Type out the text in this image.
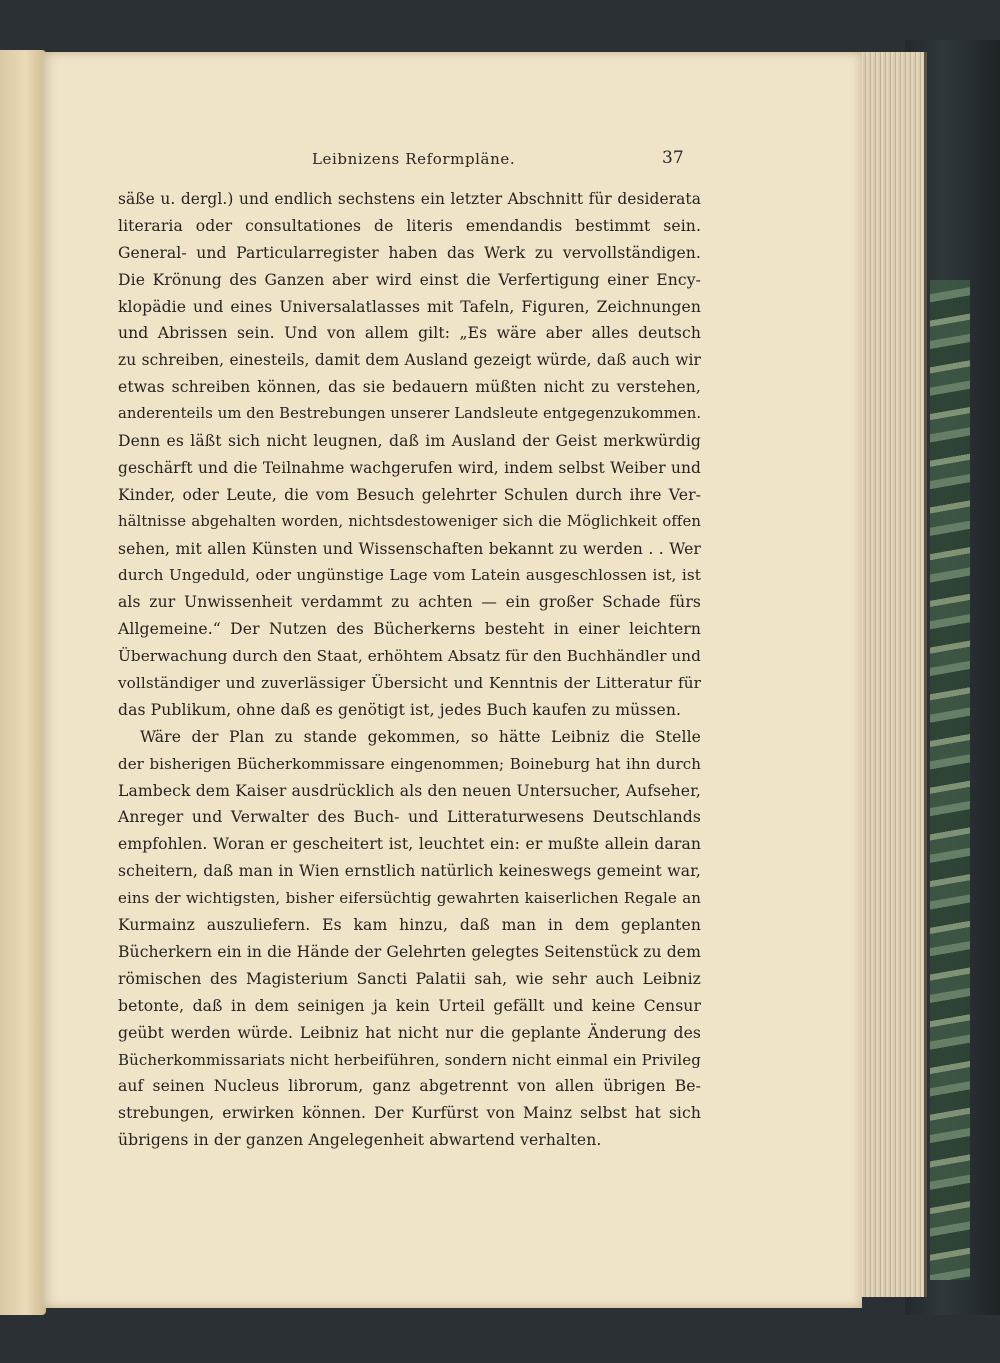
Leibnizens Reformpläne.	37
säße u. dergl.) und endlich sechstens ein letzter Abschnitt für desiderata
literaria oder consultationes de literis emendandis bestimmt sein.
General- und Particularregister haben das Werk zu vervollständigen.
Die Krönung des Ganzen aber wird einst die Verfertigung einer Ency-
klopädie und eines Universalatlasses mit Tafeln, Figuren, Zeichnungen
und Abrissen sein. Und von allem gilt: „Es wäre aber alles deutsch
zu schreiben, einesteils, damit dem Ausland gezeigt würde, daß auch wir
etwas schreiben können, das sie bedauern müßten nicht zu verstehen,
anderenteils um den Bestrebungen unserer Landsleute entgegenzukommen.
Denn es läßt sich nicht leugnen, daß im Ausland der Geist merkwürdig
geschärft und die Teilnahme wachgerufen wird, indem selbst Weiber und
Kinder, oder Leute, die vom Besuch gelehrter Schulen durch ihre Ver-
hältnisse abgehalten worden, nichtsdestoweniger sich die Möglichkeit offen
sehen, mit allen Künsten und Wissenschaften bekannt zu werden . . Wer
durch Ungeduld, oder ungünstige Lage vom Latein ausgeschlossen ist, ist
als zur Unwissenheit verdammt zu achten — ein großer Schade fürs
Allgemeine.“ Der Nutzen des Bücherkerns besteht in einer leichtern
Überwachung durch den Staat, erhöhtem Absatz für den Buchhändler und
vollständiger und zuverlässiger Übersicht und Kenntnis der Litteratur für
das Publikum, ohne daß es genötigt ist, jedes Buch kaufen zu müssen.
Wäre der Plan zu stande gekommen, so hätte Leibniz die Stelle
der bisherigen Bücherkommissare eingenommen; Boineburg hat ihn durch
Lambeck dem Kaiser ausdrücklich als den neuen Untersucher, Aufseher,
Anreger und Verwalter des Buch- und Litteraturwesens Deutschlands
empfohlen. Woran er gescheitert ist, leuchtet ein: er mußte allein daran
scheitern, daß man in Wien ernstlich natürlich keineswegs gemeint war,
eins der wichtigsten, bisher eifersüchtig gewahrten kaiserlichen Regale an
Kurmainz auszuliefern. Es kam hinzu, daß man in dem geplanten
Bücherkern ein in die Hände der Gelehrten gelegtes Seitenstück zu dem
römischen des Magisterium Sancti Palatii sah, wie sehr auch Leibniz
betonte, daß in dem seinigen ja kein Urteil gefällt und keine Censur
geübt werden würde. Leibniz hat nicht nur die geplante Änderung des
Bücherkommissariats nicht herbeiführen, sondern nicht einmal ein Privileg
auf seinen Nucleus librorum, ganz abgetrennt von allen übrigen Be-
strebungen, erwirken können. Der Kurfürst von Mainz selbst hat sich
übrigens in der ganzen Angelegenheit abwartend verhalten.
